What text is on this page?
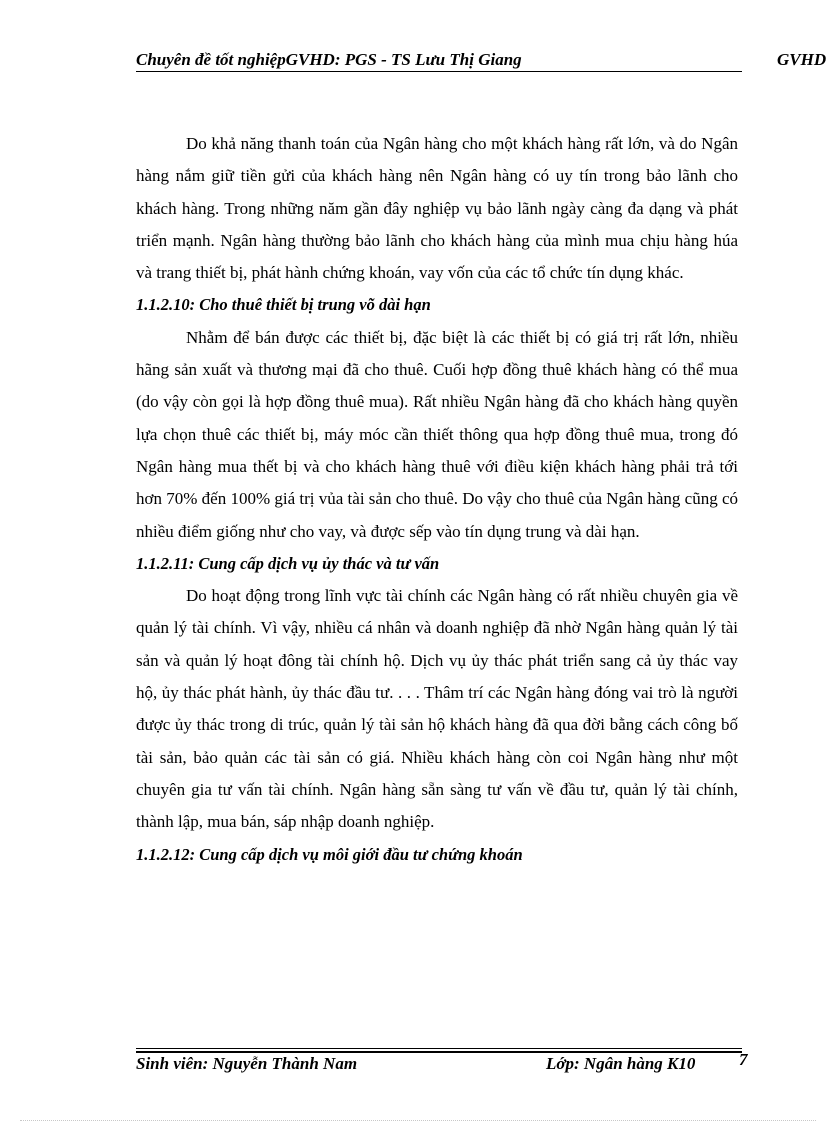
Chuyên đề tốt nghiệpGVHD: PGS - TS Lưu Thị Giang	GVHD

Do khả năng thanh toán của Ngân hàng cho một khách hàng rất lớn, và do Ngân hàng nắm giữ tiền gửi của khách hàng nên Ngân hàng có uy tín trong bảo lãnh cho khách hàng. Trong những năm gần đây nghiệp vụ bảo lãnh ngày càng đa dạng và phát triển mạnh. Ngân hàng thường bảo lãnh cho khách hàng của mình mua chịu hàng húa và trang thiết bị, phát hành chứng khoán, vay vốn của các tổ chức tín dụng khác.

1.1.2.10: Cho thuê thiết bị trung võ dài hạn

Nhằm để bán được các thiết bị, đặc biệt là các thiết bị có giá trị rất lớn, nhiều hãng sản xuất và thương mại đã cho thuê. Cuối hợp đồng thuê khách hàng có thể mua (do vậy còn gọi là hợp đồng thuê mua). Rất nhiều Ngân hàng đã cho khách hàng quyền lựa chọn thuê các thiết bị, máy móc cần thiết thông qua hợp đồng thuê mua, trong đó Ngân hàng mua thết bị và cho khách hàng thuê với điều kiện khách hàng phải trả tới hơn 70% đến 100% giá trị vủa tài sản cho thuê. Do vậy cho thuê của Ngân hàng cũng có nhiều điểm giống như cho vay, và được sếp vào tín dụng trung và dài hạn.

1.1.2.11: Cung cấp dịch vụ ủy thác và tư vấn

Do hoạt động trong lĩnh vực tài chính các Ngân hàng có rất nhiều chuyên gia về quản lý tài chính. Vì vậy, nhiều cá nhân và doanh nghiệp đã nhờ Ngân hàng quản lý tài sản và quản lý hoạt đông tài chính hộ. Dịch vụ ủy thác phát triển sang cả ủy thác vay hộ, ủy thác phát hành, ủy thác đầu tư. . . . Thâm trí các Ngân hàng đóng vai trò là người được ủy thác trong di trúc, quản lý tài sản hộ khách hàng đã qua đời bằng cách công bố tài sản, bảo quản các tài sản có giá. Nhiều khách hàng còn coi Ngân hàng như một chuyên gia tư vấn tài chính. Ngân hàng sẵn sàng tư vấn về đầu tư, quản lý tài chính, thành lập, mua bán, sáp nhập doanh nghiệp.

1.1.2.12: Cung cấp dịch vụ môi giới đầu tư chứng khoán

Sinh viên: Nguyễn Thành Nam	Lớp: Ngân hàng K10	7
